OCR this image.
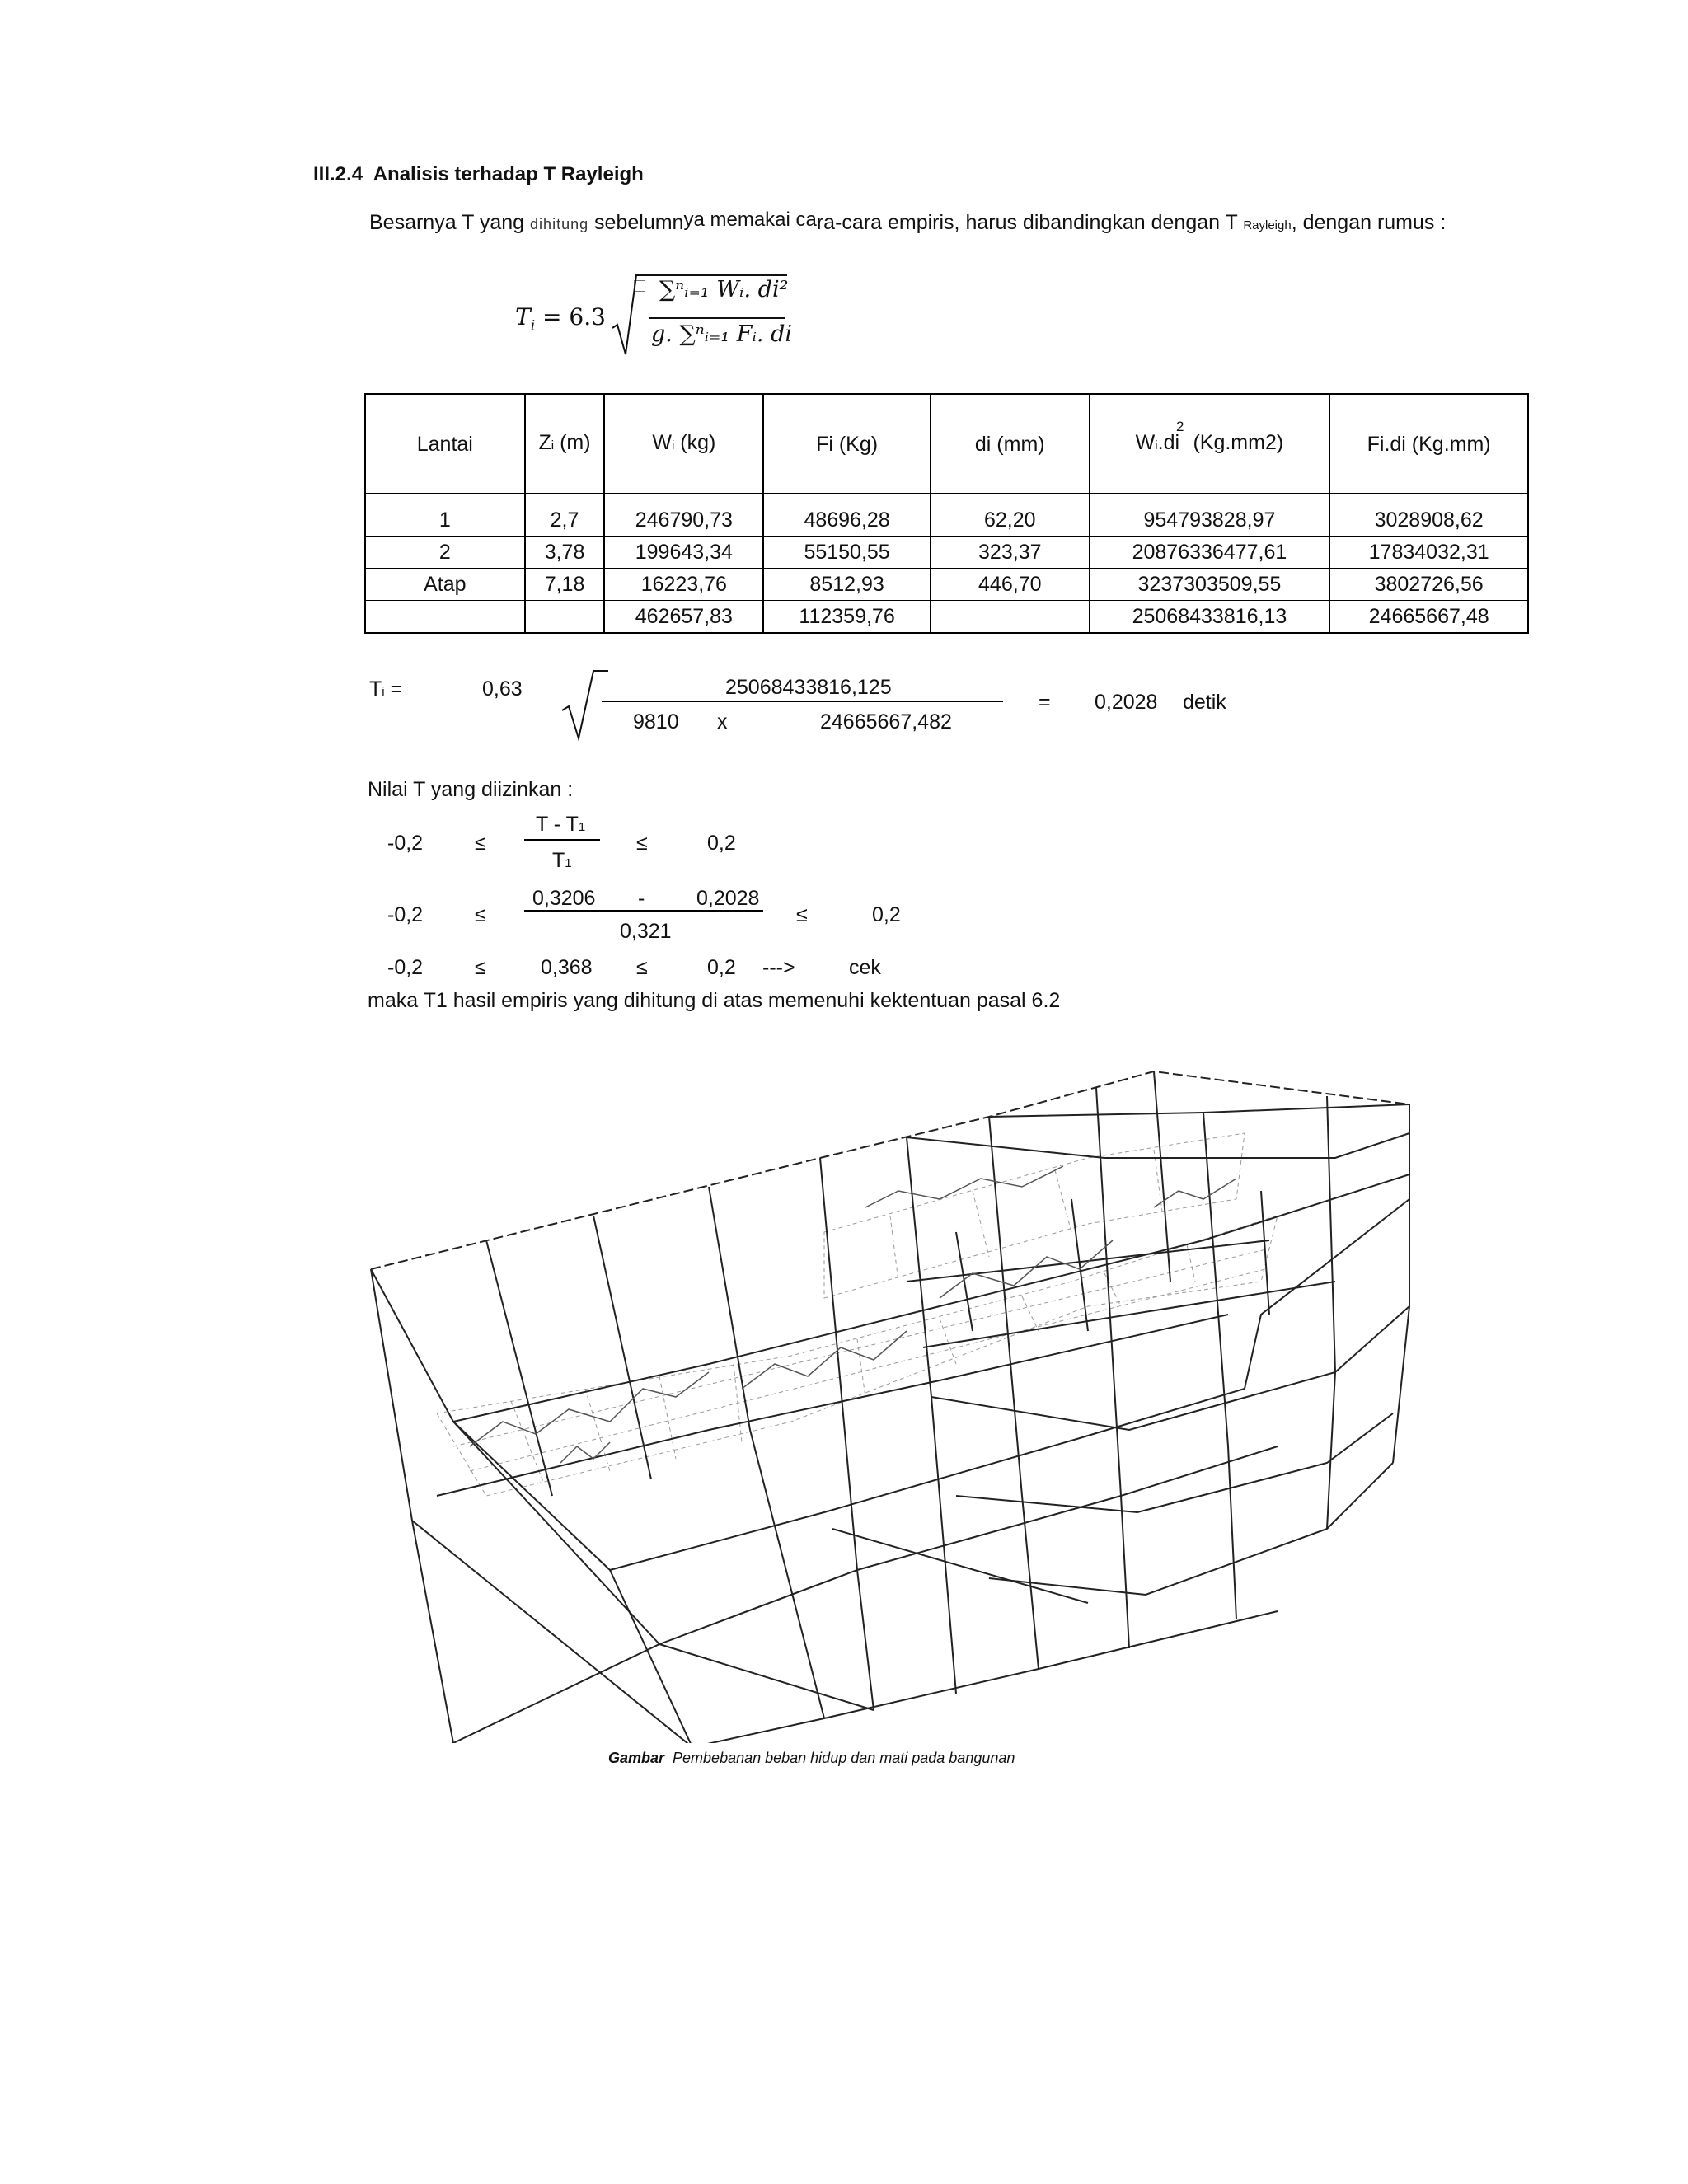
III.2.4 Analisis terhadap T Rayleigh
Besarnya T yang dihitung sebelumnya memakai cara-cara empiris, harus dibandingkan dengan T Rayleigh, dengan rumus :
$T_i = 6.3$
∑ⁿᵢ₌₁ Wᵢ. di²
g. ∑ⁿᵢ₌₁ Fᵢ. di
Lantai	Zi (m)	Wi (kg)	Fi (Kg)	di (mm)	$Wi.di^2$ (Kg.mm2)	Fi.di (Kg.mm)
1	2,7	246790,73	48696,28	62,20	954793828,97	3028908,62
2	3,78	199643,34	55150,55	323,37	20876336477,61	17834032,31
Atap	7,18	16223,76	8512,93	446,70	3237303509,55	3802726,56
		462657,83	112359,76		25068433816,13	24665667,48
Ti =	0,63	25068433816,125
9810 x	24665667,482
= 0,2028 detik
Nilai T yang diizinkan :
-0,2	≤
T - T1
T1
≤	0,2
-0,2	≤
0,3206 -	0,2028
0,321
≤	0,2
-0,2	≤	0,368 ≤	0,2 --->	cek
maka T1 hasil empiris yang dihitung di atas memenuhi kektentuan pasal 6.2
Gambar Pembebanan beban hidup dan mati pada bangunan
